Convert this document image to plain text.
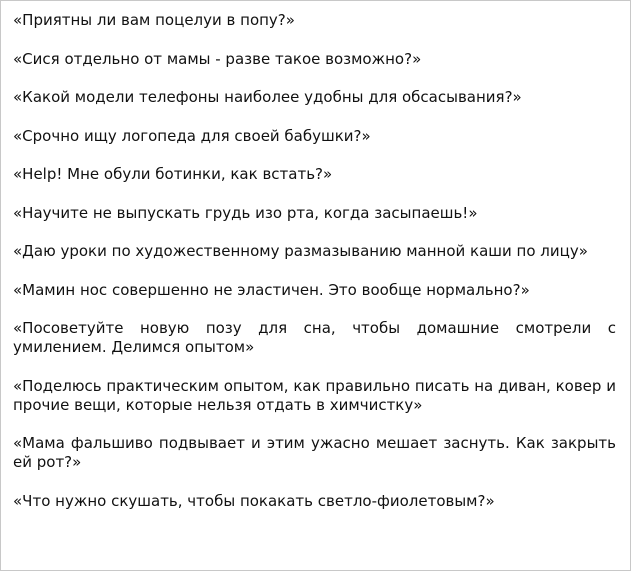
«Приятны ли вам поцелуи в попу?»

«Сися отдельно от мамы - разве такое возможно?»

«Какой модели телефоны наиболее удобны для обсасывания?»

«Срочно ищу логопеда для своей бабушки?»

«Help! Мне обули ботинки, как встать?»

«Научите не выпускать грудь изо рта, когда засыпаешь!»

«Даю уроки по художественному размазыванию манной каши по лицу»

«Мамин нос совершенно не эластичен. Это вообще нормально?»

«Посоветуйте новую позу для сна, чтобы домашние смотрели с умилением. Делимся опытом»

«Поделюсь практическим опытом, как правильно писать на диван, ковер и прочие вещи, которые нельзя отдать в химчистку»

«Мама фальшиво подвывает и этим ужасно мешает заснуть. Как закрыть ей рот?»

«Что нужно скушать, чтобы покакать светло-фиолетовым?»
